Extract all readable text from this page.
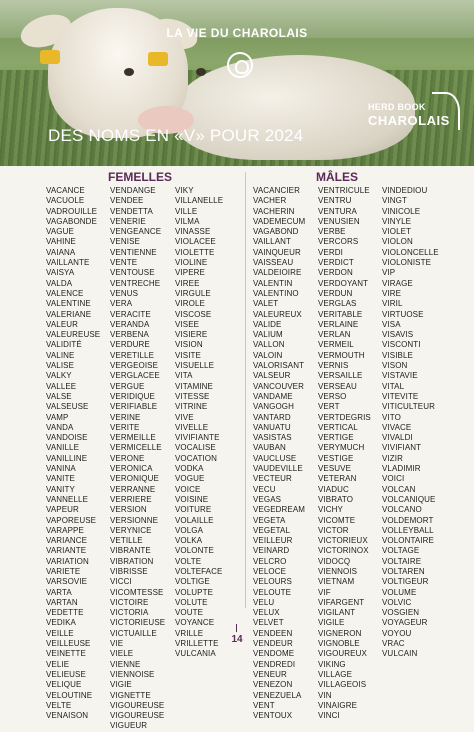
LA VIE DU CHAROLAIS
DES NOMS EN «V» POUR 2024
HERD BOOK
CHAROLAIS
FEMELLES	MÂLES
VACANCE
VACUOLE
VADROUILLE
VAGABONDE
VAGUE
VAHINE
VAIANA
VAILLANTE
VAISYA
VALDA
VALENCE
VALENTINE
VALERIANE
VALEUR
VALEUREUSE
VALIDITÉ
VALINE
VALISE
VALKY
VALLEE
VALSE
VALSEUSE
VAMP
VANDA
VANDOISE
VANILLE
VANILLINE
VANINA
VANITE
VANITY
VANNELLE
VAPEUR
VAPOREUSE
VARAPPE
VARIANCE
VARIANTE
VARIATION
VARIETE
VARSOVIE
VARTA
VARTAN
VEDETTE
VEDIKA
VEILLE
VEILLEUSE
VEINETTE
VELIE
VELIEUSE
VELIQUE
VELOUTINE
VELTE
VENAISON
VENDANGE
VENDEE
VENDETTA
VENERIE
VENGEANCE
VENISE
VENTIENNE
VENTE
VENTOUSE
VENTRECHE
VENUS
VERA
VERACITE
VERANDA
VERBENA
VERDURE
VERETILLE
VERGEOISE
VERGLACEE
VERGUE
VERIDIQUE
VERIFIABLE
VERINE
VERITE
VERMEILLE
VERMICELLE
VERONE
VERONICA
VERONIQUE
VERRANNE
VERRIERE
VERSION
VERSIONNE
VERYNICE
VETILLE
VIBRANTE
VIBRATION
VIBRISSE
VICCI
VICOMTESSE
VICTOIRE
VICTORIA
VICTORIEUSE
VICTUAILLE
VIE
VIELE
VIENNE
VIENNOISE
VIGIE
VIGNETTE
VIGOUREUSE
VIGOUREUSE
VIGUEUR
VIKY
VILLANELLE
VILLE
VILMA
VINASSE
VIOLACEE
VIOLETTE
VIOLINE
VIPERE
VIREE
VIRGULE
VIROLE
VISCOSE
VISEE
VISIERE
VISION
VISITE
VISUELLE
VITA
VITAMINE
VITESSE
VITRINE
VIVE
VIVELLE
VIVIFIANTE
VOCALISE
VOCATION
VODKA
VOGUE
VOICE
VOISINE
VOITURE
VOLAILLE
VOLGA
VOLKA
VOLONTE
VOLTE
VOLTEFACE
VOLTIGE
VOLUPTE
VOLUTE
VOUTE
VOYANCE
VRILLE
VRILLETTE
VULCANIA
VACANCIER
VACHER
VACHERIN
VADEMECUM
VAGABOND
VAILLANT
VAINQUEUR
VAISSEAU
VALDEIOIRE
VALENTIN
VALENTINO
VALET
VALEUREUX
VALIDE
VALIUM
VALLON
VALOIN
VALORISANT
VALSEUR
VANCOUVER
VANDAME
VANGOGH
VANTARD
VANUATU
VASISTAS
VAUBAN
VAUCLUSE
VAUDEVILLE
VECTEUR
VECU
VEGAS
VEGEDREAM
VEGETA
VEGETAL
VEILLEUR
VEINARD
VELCRO
VELOCE
VELOURS
VELOUTE
VELU
VELUX
VELVET
VENDEEN
VENDEUR
VENDOME
VENDREDI
VENEUR
VENEZON
VENEZUELA
VENT
VENTOUX
VENTRICULE
VENTRU
VENTURA
VENUSIEN
VERBE
VERCORS
VERDI
VERDICT
VERDON
VERDOYANT
VERDUN
VERGLAS
VERITABLE
VERLAINE
VERLAN
VERMEIL
VERMOUTH
VERNIS
VERSAILLE
VERSEAU
VERSO
VERT
VERTDEGRIS
VERTICAL
VERTIGE
VERYMUCH
VESTIGE
VESUVE
VETERAN
VIADUC
VIBRATO
VICHY
VICOMTE
VICTOR
VICTORIEUX
VICTORINOX
VIDOCQ
VIENNOIS
VIETNAM
VIF
VIFARGENT
VIGILANT
VIGILE
VIGNERON
VIGNOBLE
VIGOUREUX
VIKING
VILLAGE
VILLAGEOIS
VIN
VINAIGRE
VINCI
VINDEDIOU
VINGT
VINICOLE
VINYLE
VIOLET
VIOLON
VIOLONCELLE
VIOLONISTE
VIP
VIRAGE
VIRE
VIRIL
VIRTUOSE
VISA
VISAVIS
VISCONTI
VISIBLE
VISON
VISTAVIE
VITAL
VITEVITE
VITICULTEUR
VITO
VIVACE
VIVALDI
VIVIFIANT
VIZIR
VLADIMIR
VOICI
VOLCAN
VOLCANIQUE
VOLCANO
VOLDEMORT
VOLLEYBALL
VOLONTAIRE
VOLTAGE
VOLTAIRE
VOLTAREN
VOLTIGEUR
VOLUME
VOLVIC
VOSGIEN
VOYAGEUR
VOYOU
VRAC
VULCAIN
14
